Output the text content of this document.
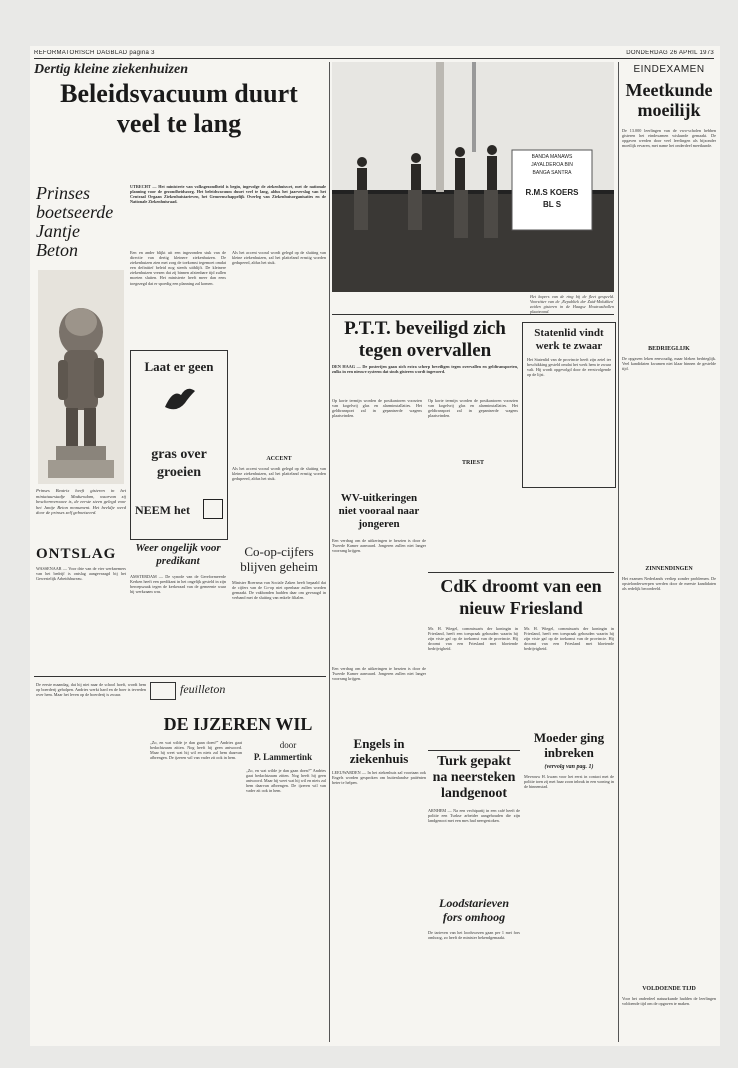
REFORMATORISCH DAGBLAD pagina 3	DONDERDAG 26 APRIL 1973
Dertig kleine ziekenhuizen
Beleidsvacuum duurt
veel te lang
Prinses boetseerde Jantje Beton
Prinses Beatrix heeft gisteren in het miniatuurstadje Madurodam, waarvan zij beschermvrouwe is, de eerste steen gelegd voor het Jantje Beton monument. Het beeldje werd door de prinses zelf geboetseerd.
ONTSLAG
WASSENAAR — Voor drie van de vier werknemers van het bedrijf is ontslag aangevraagd bij het Gewestelijk Arbeidsbureau.
UTRECHT — Het ministerie van volksgezondheid is begin, ingevolge de ziekenhuiswet, met de nationale planning voor de gezondheidszorg. Het beleidsvacuum duurt veel te lang, aldus het jaarverslag van het Centraal Orgaan Ziekenhuistarieven, het Gemeenschappelijk Overleg van Ziekenhuisorganisaties en de Nationale Ziekenhuisraad.
Een en ander blijkt uit een ingezonden stuk van de directie van dertig kleinere ziekenhuizen. De ziekenhuizen zien met zorg de toekomst tegemoet omdat een definitief beleid nog steeds uitblijft. De kleinere ziekenhuizen vrezen dat zij binnen afzienbare tijd zullen moeten sluiten. Het ministerie heeft meer dan eens toegezegd dat er spoedig een planning zal komen.
Als het accent vooral wordt gelegd op de sluiting van kleine ziekenhuizen, zal het platteland ernstig worden gedupeerd, aldus het stuk.
ACCENT
Als het accent vooral wordt gelegd op de sluiting van kleine ziekenhuizen, zal het platteland ernstig worden gedupeerd, aldus het stuk.
Laat er geen
gras over
groeien
NEEM het
Weer ongelijk voor predikant
AMSTERDAM — De synode van de Gereformeerde Kerken heeft een predikant in het ongelijk gesteld in zijn beroepszaak tegen de kerkeraad van de gemeente waar hij werkzaam was.
Co-op-cijfers blijven geheim
Minister Boersma van Sociale Zaken heeft bepaald dat de cijfers van de Co-op niet openbaar zullen worden gemaakt. De vakbonden hadden daar om gevraagd in verband met de sluiting van enkele filialen.
De eerste maandag, dat hij niet naar de school hoeft, wordt hem op boerderij geholpen. Andries werkt hard en de boer is tevreden over hem. Maar het leven op de boerderij is zwaar.	feuilleton
DE IJZEREN WIL
door
P. Lammertink
„Zo, en wat wilde je dan gaan doen?” Andries gaat bedachtzaam zitten. Nog heeft hij geen antwoord. Maar hij weet wat hij wil en niets zal hem daarvan afbrengen. De ijzeren wil van vader zit ook in hem.
„Zo, en wat wilde je dan gaan doen?” Andries gaat bedachtzaam zitten. Nog heeft hij geen antwoord. Maar hij weet wat hij wil en niets zal hem daarvan afbrengen. De ijzeren wil van vader zit ook in hem.
BANDA MANAWS
JAYALDEROA BIN
BANGA SANTRA
R.M.S KOERS
BL S
Het kopers van de ring bij de fleet gespeeld. Voorzitter van de ‚Republiek der Zuid-Molukken' zeiden gisteren in de Haagse Houtrusthallen plaatsvond.
P.T.T. beveiligd zich
tegen overvallen
DEN HAAG — De posterijen gaan zich extra scherp beveiligen tegen overvallen en geldtransporten, zulks in een nieuwe systeem dat sinds gisteren wordt ingevoerd.
Op korte termijn worden de postkantoren voorzien van kogelvrij glas en alarminstallaties. Het geldtransport zal in gepantserde wagens plaatsvinden.
Op korte termijn worden de postkantoren voorzien van kogelvrij glas en alarminstallaties. Het geldtransport zal in gepantserde wagens plaatsvinden.
TRIEST
Statenlid vindt werk te zwaar
Het Statenlid van de provincie heeft zijn zetel ter beschikking gesteld omdat het werk hem te zwaar valt. Hij wordt opgevolgd door de eerstvolgende op de lijst.
WV-uitkeringen niet vooraal naar jongeren
Een verdrag om de uitkeringen te herzien is door de Tweede Kamer aanvaard. Jongeren zullen niet langer voorrang krijgen.
Een verdrag om de uitkeringen te herzien is door de Tweede Kamer aanvaard. Jongeren zullen niet langer voorrang krijgen.
Engels in ziekenhuis
LEEUWARDEN — In het ziekenhuis zal voortaan ook Engels worden gesproken om buitenlandse patiënten beter te helpen.
CdK droomt van een
nieuw Friesland
Mr. H. Wiegel, commissaris der koningin in Friesland, heeft een toespraak gehouden waarin hij zijn visie gaf op de toekomst van de provincie. Hij droomt van een Friesland met bloeiende bedrijvigheid.
Mr. H. Wiegel, commissaris der koningin in Friesland, heeft een toespraak gehouden waarin hij zijn visie gaf op de toekomst van de provincie. Hij droomt van een Friesland met bloeiende bedrijvigheid.
Moeder ging inbreken
(vervolg van pag. 1)
Mevrouw H. kwam voor het eerst in contact met de politie toen zij met haar zoon inbrak in een woning in de binnenstad.
Turk gepakt
na neersteken
landgenoot
ARNHEM — Na een vechtpartij in een café heeft de politie een Turkse arbeider aangehouden die zijn landgenoot met een mes had neergestoken.
Loodstarieven fors omhoog
De tarieven van het loodswezen gaan per 1 mei fors omhoog, zo heeft de minister bekendgemaakt.
EINDEXAMEN
Meetkunde moeilijk
De 13.000 leerlingen van de vwo-scholen hebben gisteren het eindexamen wiskunde gemaakt. De opgaven werden door veel leerlingen als bijzonder moeilijk ervaren, met name het onderdeel meetkunde.
BEDRIEGLIJK
De opgaven leken eenvoudig, maar bleken bedrieglijk. Veel kandidaten kwamen niet klaar binnen de gestelde tijd.
ZINNENDINGEN
Het examen Nederlands verliep zonder problemen. De opstelonderwerpen werden door de meeste kandidaten als redelijk beoordeeld.
VOLDOENDE TIJD
Voor het onderdeel natuurkunde hadden de leerlingen voldoende tijd om de opgaven te maken.
